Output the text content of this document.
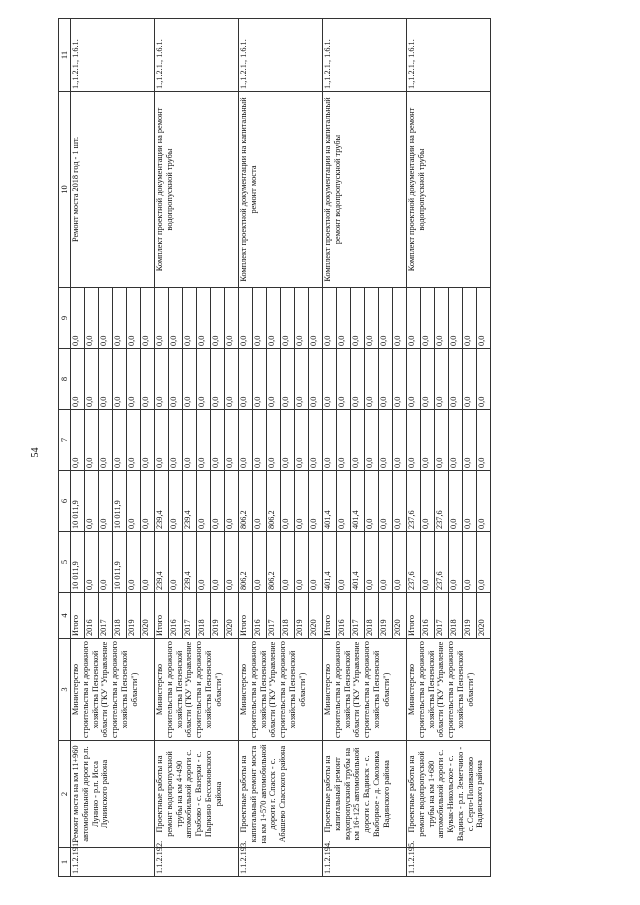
54
1	2	3	4	5	6	7	8	9	10	11
1.1.2.191.	Ремонт моста на км 11+960 автомобильной дороги р.п. Лунино - р.п. Исса Лунинского района	Министерство строительства и дорожного хозяйства Пензенской области (ГКУ "Управление строительства и дорожного хозяйства Пензенской области")	Итого	10 011,9	10 011,9	0,0	0,0	0,0	Ремонт моста 2018 год - 1 шт.	1.,1.2.1., 1.6.1.
			2016	0,0	0,0	0,0	0,0	0,0		
			2017	0,0	0,0	0,0	0,0	0,0		
			2018	10 011,9	10 011,9	0,0	0,0	0,0		
			2019	0,0	0,0	0,0	0,0	0,0		
			2020	0,0	0,0	0,0	0,0	0,0		
1.1.2.192.	Проектные работы на ремонт водопропускной трубы на км 4+490 автомобильной дороги с. Грабово - с. Вазерки - с. Пыркино Бессоновского района	Министерство строительства и дорожного хозяйства Пензенской области (ГКУ "Управление строительства и дорожного хозяйства Пензенской области")	Итого	239,4	239,4	0,0	0,0	0,0	Комплект проектной документации на ремонт водопропускной трубы	1.,1.2.1., 1.6.1.
			2016	0,0	0,0	0,0	0,0	0,0		
			2017	239,4	239,4	0,0	0,0	0,0		
			2018	0,0	0,0	0,0	0,0	0,0		
			2019	0,0	0,0	0,0	0,0	0,0		
			2020	0,0	0,0	0,0	0,0	0,0		
1.1.2.193.	Проектные работы на капитальный ремонт моста на км 1+570 автомобильной дороги г. Спасск - с. Абашево Спасского района	Министерство строительства и дорожного хозяйства Пензенской области (ГКУ "Управление строительства и дорожного хозяйства Пензенской области")	Итого	806,2	806,2	0,0	0,0	0,0	Комплект проектной документации на капитальный ремонт моста	1.,1.2.1., 1.6.1.
			2016	0,0	0,0	0,0	0,0	0,0		
			2017	806,2	806,2	0,0	0,0	0,0		
			2018	0,0	0,0	0,0	0,0	0,0		
			2019	0,0	0,0	0,0	0,0	0,0		
			2020	0,0	0,0	0,0	0,0	0,0		
1.1.2.194.	Проектные работы на капитальный ремонт водопропускной трубы на км 16+125 автомобильной дороги с. Вадинск - с. Выборное - д. Смоловка Вадинского района	Министерство строительства и дорожного хозяйства Пензенской области (ГКУ "Управление строительства и дорожного хозяйства Пензенской области")	Итого	401,4	401,4	0,0	0,0	0,0	Комплект проектной документации на капитальный ремонт водопропускной трубы	1.,1.2.1., 1.6.1.
			2016	0,0	0,0	0,0	0,0	0,0		
			2017	401,4	401,4	0,0	0,0	0,0		
			2018	0,0	0,0	0,0	0,0	0,0		
			2019	0,0	0,0	0,0	0,0	0,0		
			2020	0,0	0,0	0,0	0,0	0,0		
1.1.2.195.	Проектные работы на ремонт водопропускной трубы на км 1+680 автомобильной дороги с. Кувак-Никольское - с. Вадинск - р.п. Земетчино - с. Серго-Поливаново Вадинского района	Министерство строительства и дорожного хозяйства Пензенской области (ГКУ "Управление строительства и дорожного хозяйства Пензенской области")	Итого	237,6	237,6	0,0	0,0	0,0	Комплект проектной документации на ремонт водопропускной трубы	1.,1.2.1., 1.6.1.
			2016	0,0	0,0	0,0	0,0	0,0		
			2017	237,6	237,6	0,0	0,0	0,0		
			2018	0,0	0,0	0,0	0,0	0,0		
			2019	0,0	0,0	0,0	0,0	0,0		
			2020	0,0	0,0	0,0	0,0	0,0		
